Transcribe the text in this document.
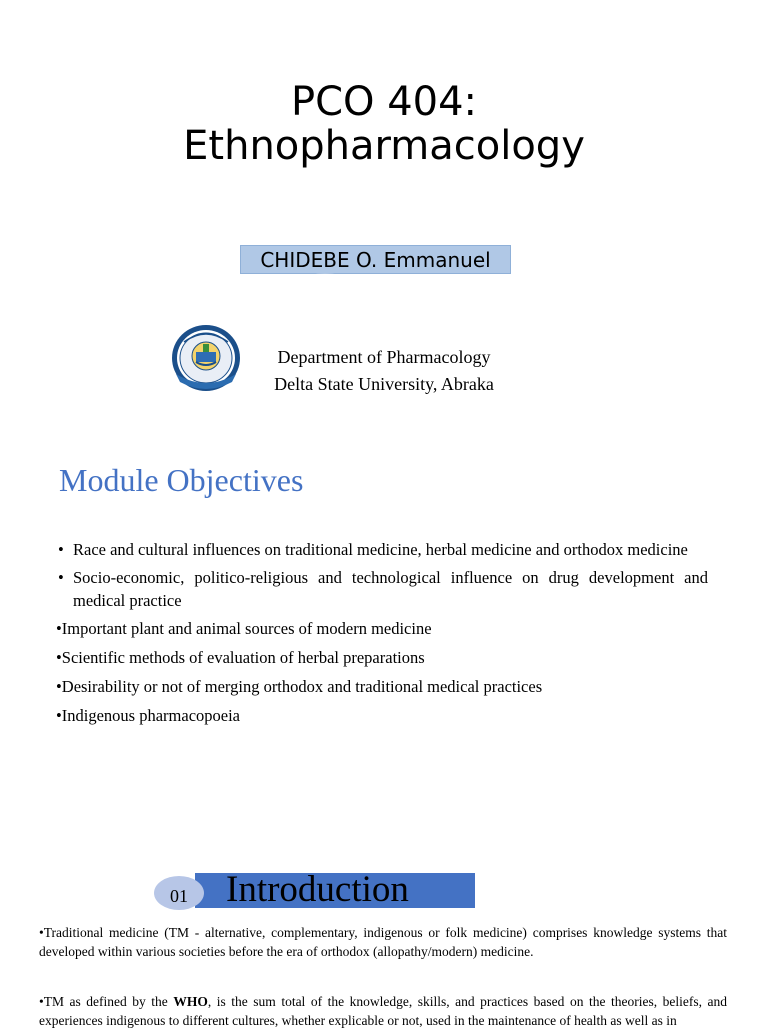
PCO 404:
Ethnopharmacology
CHIDEBE O. Emmanuel
Department of Pharmacology
Delta State University, Abraka
Module Objectives
• Race and cultural influences on traditional medicine, herbal medicine and orthodox medicine
• Socio-economic, politico-religious and technological influence on drug development and medical practice
•Important plant and animal sources of modern medicine
•Scientific methods of evaluation of herbal preparations
•Desirability or not of merging orthodox and traditional medical practices
•Indigenous pharmacopoeia
01	Introduction
•Traditional medicine (TM - alternative, complementary, indigenous or folk medicine) comprises knowledge systems that developed within various societies before the era of orthodox (allopathy/modern) medicine.
•TM as defined by the WHO, is the sum total of the knowledge, skills, and practices based on the theories, beliefs, and experiences indigenous to different cultures, whether explicable or not, used in the maintenance of health as well as in
